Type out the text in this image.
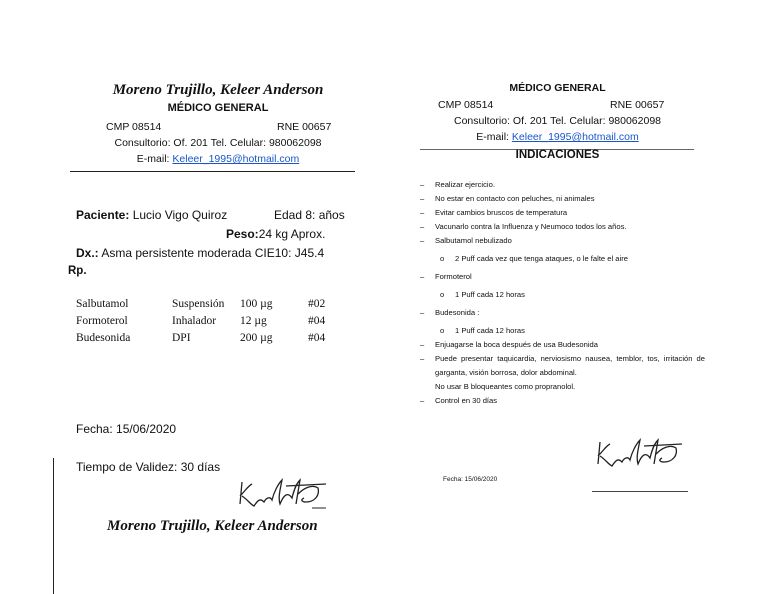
Moreno Trujillo, Keleer Anderson
MÉDICO GENERAL
CMP 08514	RNE 00657
Consultorio: Of. 201 Tel. Celular: 980062098
E-mail: Keleer_1995@hotmail.com
Paciente: Lucio Vigo Quiroz	Edad 8: años
Peso:24 kg Aprox.
Dx.: Asma persistente moderada CIE10: J45.4
Rp.
Salbutamol	Suspensión	100 µg	#02
Formoterol	Inhalador	12 µg	#04
Budesonida	DPI	200 µg	#04
Fecha: 15/06/2020
Tiempo de Validez: 30 días
Moreno Trujillo, Keleer Anderson
MÉDICO GENERAL
CMP 08514	RNE 00657
Consultorio: Of. 201 Tel. Celular: 980062098
E-mail: Keleer_1995@hotmail.com
INDICACIONES
– Realizar ejercicio.
– No estar en contacto con peluches, ni animales
– Evitar cambios bruscos de temperatura
– Vacunarlo contra la Influenza y Neumoco todos los años.
– Salbutamol nebulizado
o 2 Puff cada vez que tenga ataques, o le falte el aire
– Formoterol
o 1 Puff cada 12 horas
– Budesonida :
o 1 Puff cada 12 horas
– Enjuagarse la boca después de usa Budesonida
– Puede presentar taquicardia, nerviosismo nausea, temblor, tos, irritación de garganta, visión borrosa, dolor abdominal.
No usar B bloqueantes como propranolol.
– Control en 30 días
Fecha: 15/06/2020
